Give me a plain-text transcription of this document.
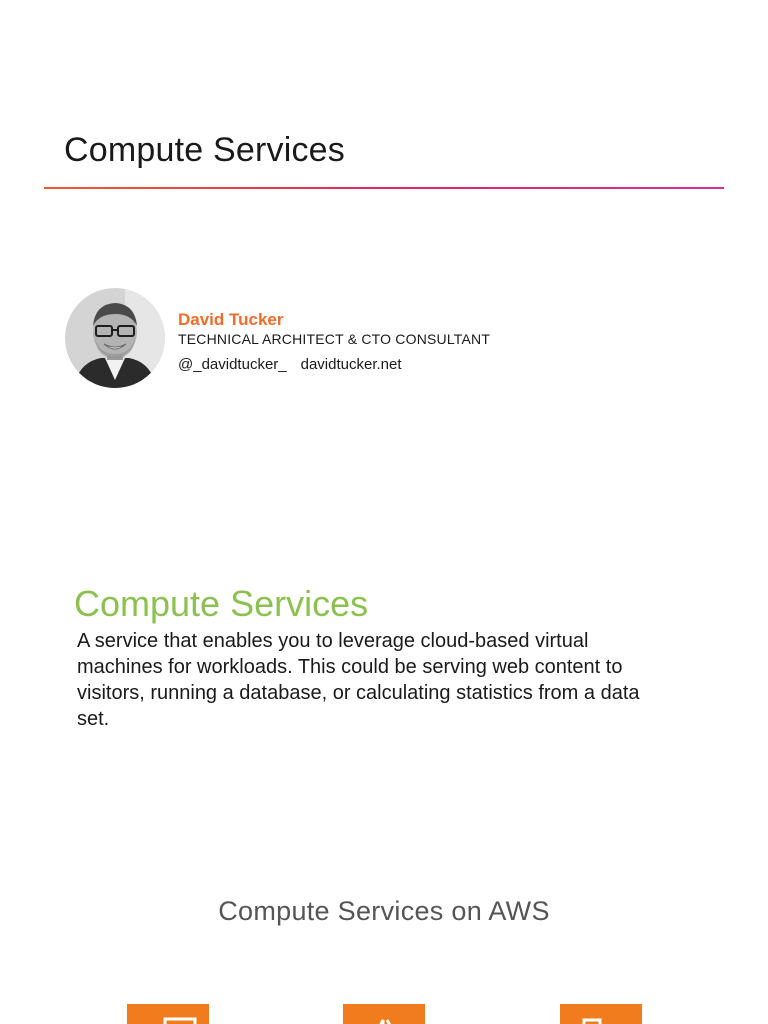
Compute Services
David Tucker
TECHNICAL ARCHITECT & CTO CONSULTANT
@_davidtucker_ davidtucker.net
Compute Services
A service that enables you to leverage cloud-based virtual machines for workloads. This could be serving web content to visitors, running a database, or calculating statistics from a data set.
Compute Services on AWS
